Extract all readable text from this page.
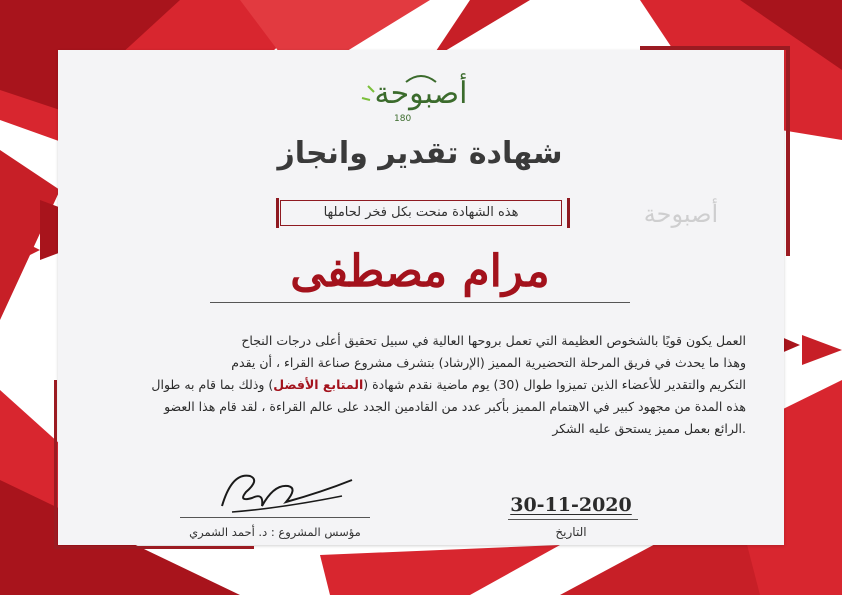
أصبوحة
180
أصبوحة
شهادة تقدير وانجاز
هذه الشهادة منحت بكل فخر لحاملها
مرام مصطفى

العمل يكون قويًا بالشخوص العظيمة التي تعمل بروحها العالية في سبيل تحقيق أعلى درجات النجاح

وهذا ما يحدث في فريق المرحلة التحضيرية المميز (الإرشاد) بتشرف مشروع صناعة القراء ، أن يقدم

التكريم والتقدير للأعضاء الذين تميزوا طوال (30) يوم ماضية نقدم شهادة (المتابع الأفضل) وذلك بما قام به طوال

هذه المدة من مجهود كبير في الاهتمام المميز بأكبر عدد من القادمين الجدد على عالم القراءة ، لقد قام هذا العضو

.الرائع بعمل مميز يستحق عليه الشكر

مؤسس المشروع : د. أحمد الشمري
30-11-2020
التاريخ
